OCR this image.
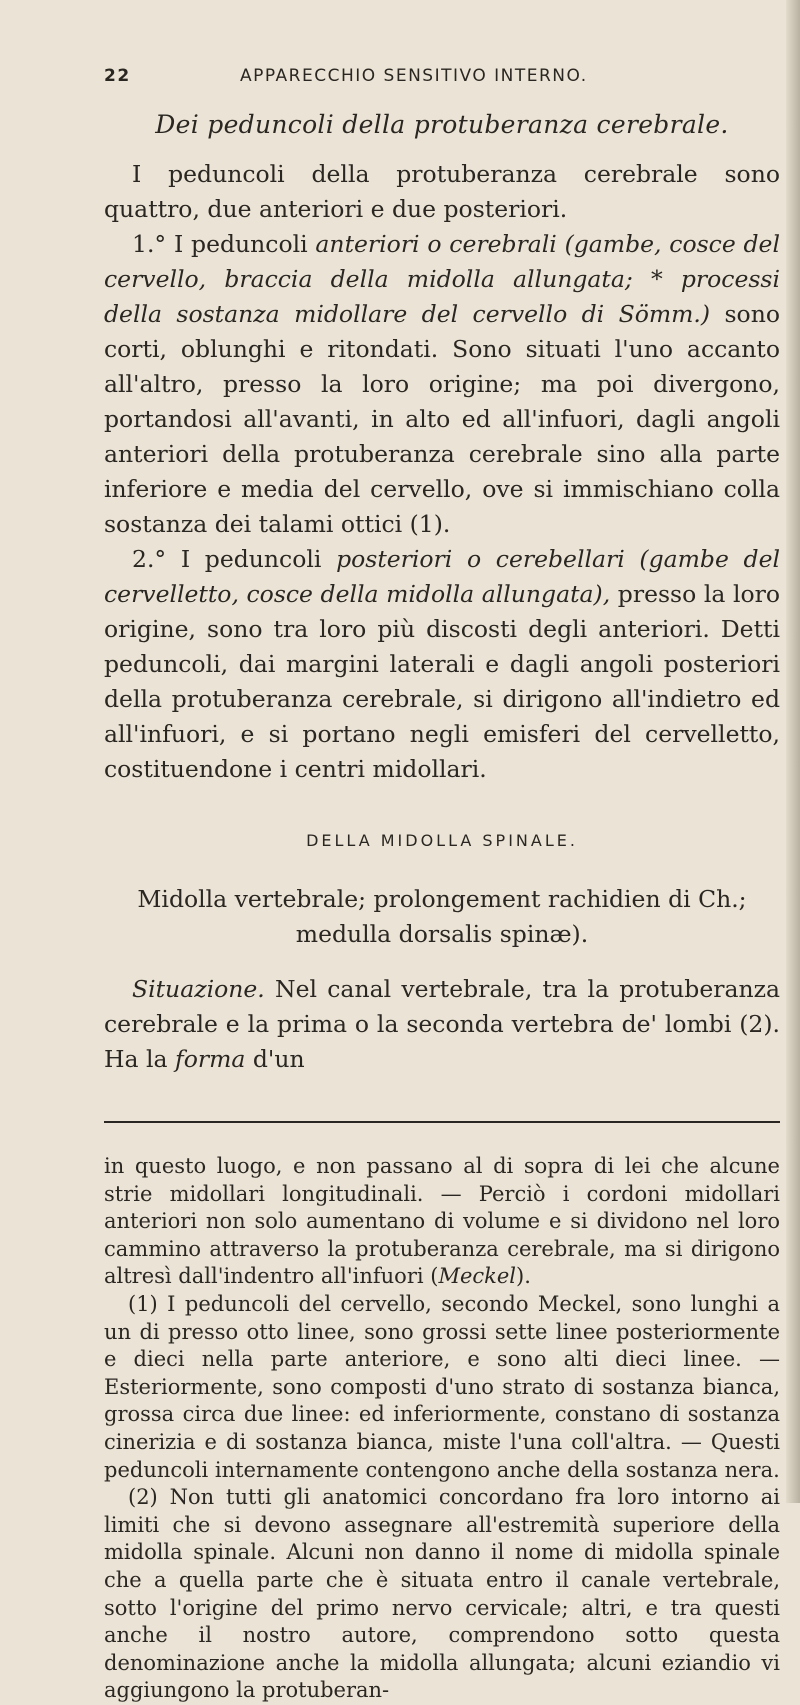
22	APPARECCHIO SENSITIVO INTERNO.
Dei peduncoli della protuberanza cerebrale.

I peduncoli della protuberanza cerebrale sono quattro, due anteriori e due posteriori.

1.° I peduncoli anteriori o cerebrali (gambe, cosce del cervello, braccia della midolla allungata; * processi della sostanza midollare del cervello di Sömm.) sono corti, oblunghi e ritondati. Sono situati l'uno accanto all'altro, presso la loro origine; ma poi divergono, portandosi all'avanti, in alto ed all'infuori, dagli angoli anteriori della protuberanza cerebrale sino alla parte inferiore e media del cervello, ove si immischiano colla sostanza dei talami ottici (1).

2.° I peduncoli posteriori o cerebellari (gambe del cervelletto, cosce della midolla allungata), presso la loro origine, sono tra loro più discosti degli anteriori. Detti peduncoli, dai margini laterali e dagli angoli posteriori della protuberanza cerebrale, si dirigono all'indietro ed all'infuori, e si portano negli emisferi del cervelletto, costituendone i centri midollari.

DELLA MIDOLLA SPINALE.

Midolla vertebrale; prolongement rachidien di Ch.;
medulla dorsalis spinæ).

Situazione. Nel canal vertebrale, tra la protuberanza cerebrale e la prima o la seconda vertebra de' lombi (2). Ha la forma d'un

in questo luogo, e non passano al di sopra di lei che alcune strie midollari longitudinali. — Perciò i cordoni midollari anteriori non solo aumentano di volume e si dividono nel loro cammino attraverso la protuberanza cerebrale, ma si dirigono altresì dall'indentro all'infuori (Meckel).

(1) I peduncoli del cervello, secondo Meckel, sono lunghi a un di presso otto linee, sono grossi sette linee posteriormente e dieci nella parte anteriore, e sono alti dieci linee. — Esteriormente, sono composti d'uno strato di sostanza bianca, grossa circa due linee: ed inferiormente, constano di sostanza cinerizia e di sostanza bianca, miste l'una coll'altra. — Questi peduncoli internamente contengono anche della sostanza nera.

(2) Non tutti gli anatomici concordano fra loro intorno ai limiti che si devono assegnare all'estremità superiore della midolla spinale. Alcuni non danno il nome di midolla spinale che a quella parte che è situata entro il canale vertebrale, sotto l'origine del primo nervo cervicale; altri, e tra questi anche il nostro autore, comprendono sotto questa denominazione anche la midolla allungata; alcuni eziandio vi aggiungono la protuberan-
